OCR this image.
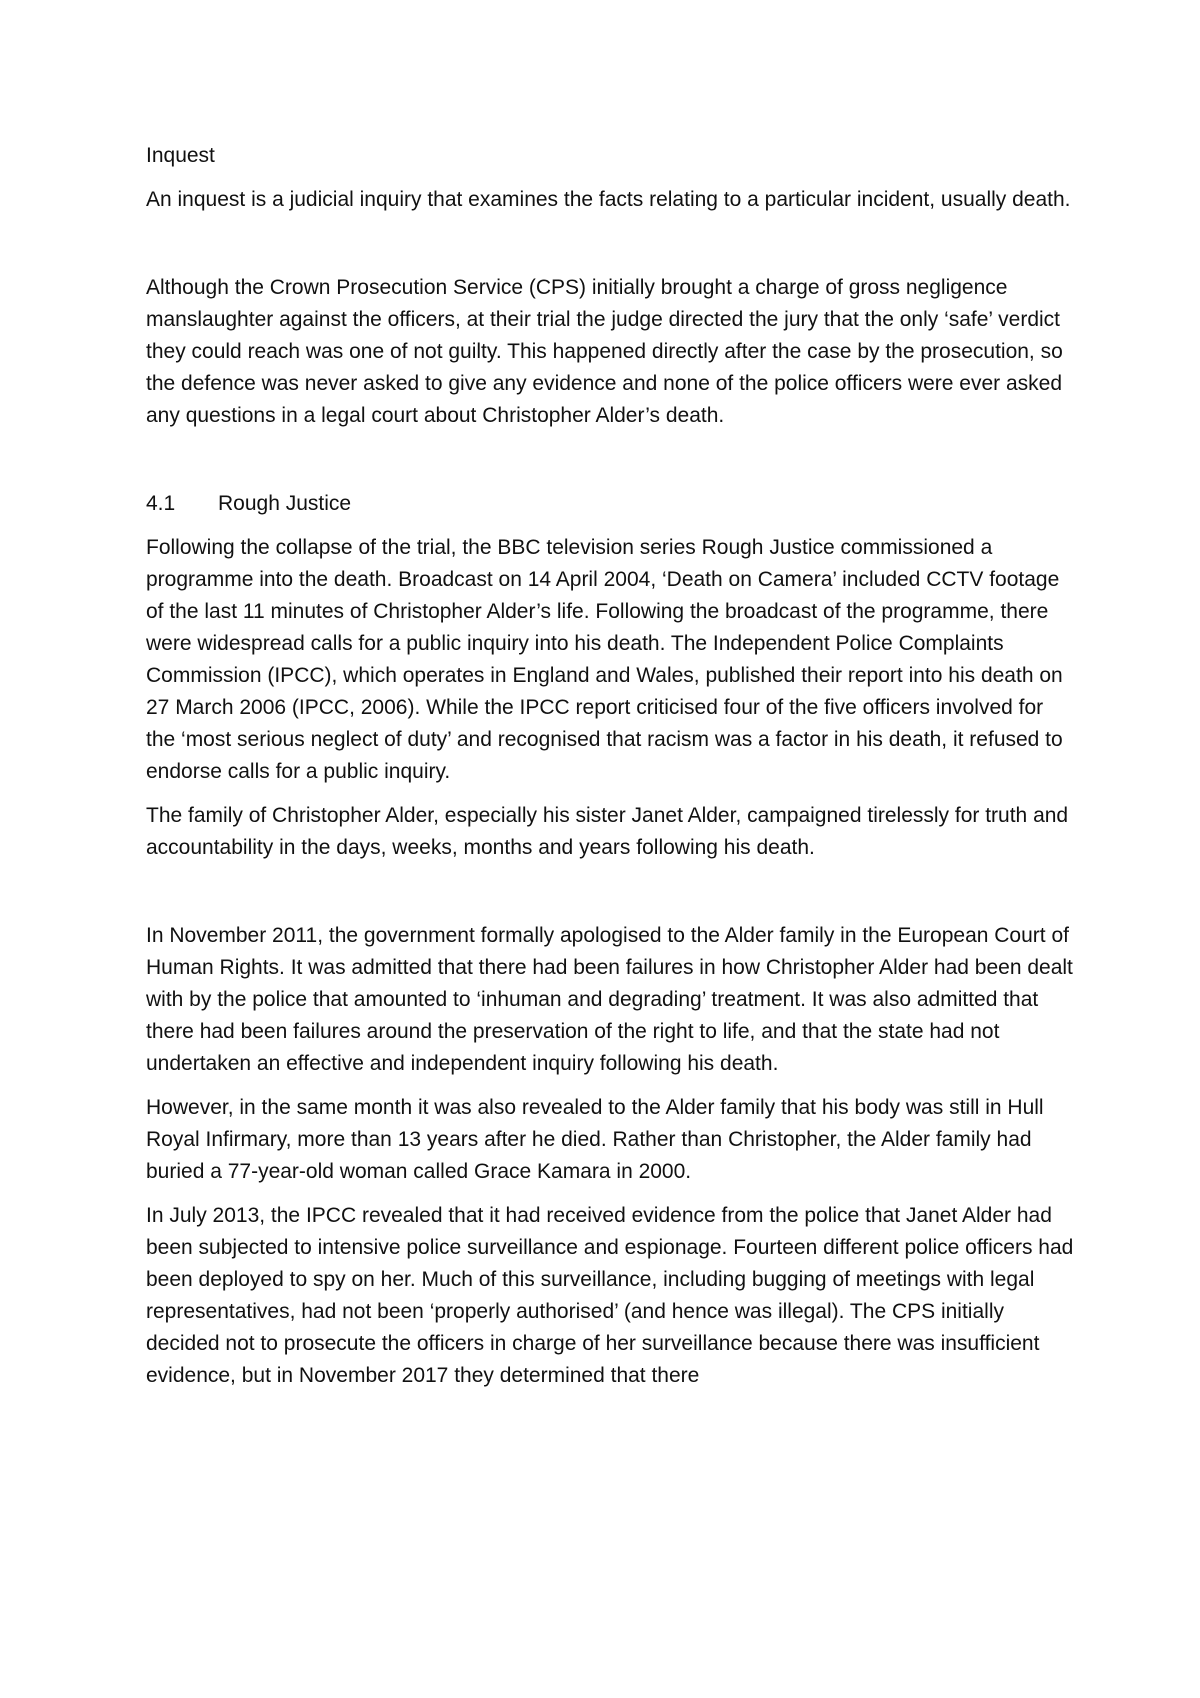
Inquest

An inquest is a judicial inquiry that examines the facts relating to a particular incident, usually death.

Although the Crown Prosecution Service (CPS) initially brought a charge of gross negligence manslaughter against the officers, at their trial the judge directed the jury that the only ‘safe’ verdict they could reach was one of not guilty. This happened directly after the case by the prosecution, so the defence was never asked to give any evidence and none of the police officers were ever asked any questions in a legal court about Christopher Alder’s death.

4.1	Rough Justice

Following the collapse of the trial, the BBC television series Rough Justice commissioned a programme into the death. Broadcast on 14 April 2004, ‘Death on Camera’ included CCTV footage of the last 11 minutes of Christopher Alder’s life. Following the broadcast of the programme, there were widespread calls for a public inquiry into his death. The Independent Police Complaints Commission (IPCC), which operates in England and Wales, published their report into his death on 27 March 2006 (IPCC, 2006). While the IPCC report criticised four of the five officers involved for the ‘most serious neglect of duty’ and recognised that racism was a factor in his death, it refused to endorse calls for a public inquiry.

The family of Christopher Alder, especially his sister Janet Alder, campaigned tirelessly for truth and accountability in the days, weeks, months and years following his death.

In November 2011, the government formally apologised to the Alder family in the European Court of Human Rights. It was admitted that there had been failures in how Christopher Alder had been dealt with by the police that amounted to ‘inhuman and degrading’ treatment. It was also admitted that there had been failures around the preservation of the right to life, and that the state had not undertaken an effective and independent inquiry following his death.

However, in the same month it was also revealed to the Alder family that his body was still in Hull Royal Infirmary, more than 13 years after he died. Rather than Christopher, the Alder family had buried a 77-year-old woman called Grace Kamara in 2000.

In July 2013, the IPCC revealed that it had received evidence from the police that Janet Alder had been subjected to intensive police surveillance and espionage. Fourteen different police officers had been deployed to spy on her. Much of this surveillance, including bugging of meetings with legal representatives, had not been ‘properly authorised’ (and hence was illegal). The CPS initially decided not to prosecute the officers in charge of her surveillance because there was insufficient evidence, but in November 2017 they determined that there
